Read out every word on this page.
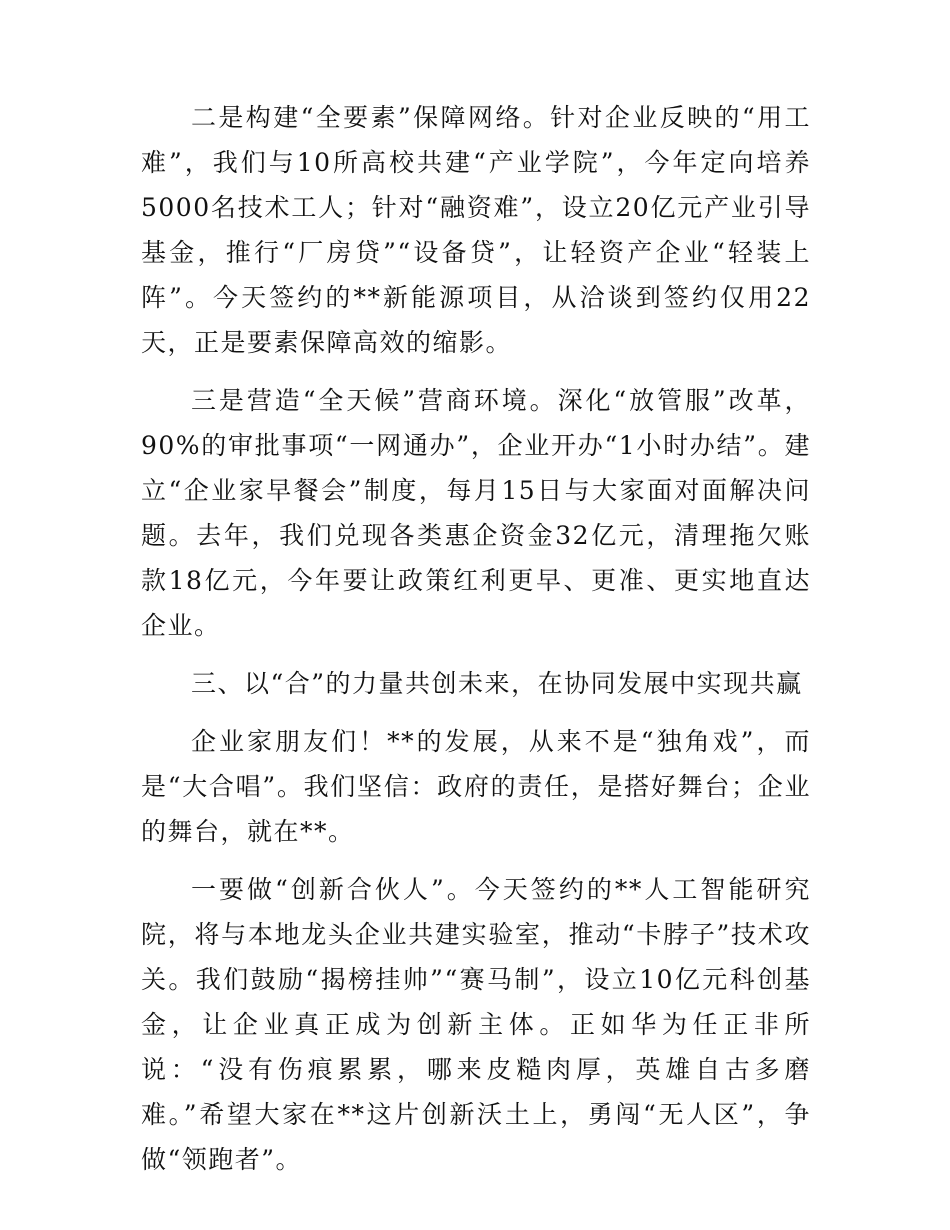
二是构建“全要素”保障网络。针对企业反映的“用工难”，我们与10所高校共建“产业学院”，今年定向培养5000名技术工人；针对“融资难”，设立20亿元产业引导基金，推行“厂房贷”“设备贷”，让轻资产企业“轻装上阵”。今天签约的**新能源项目，从洽谈到签约仅用22天，正是要素保障高效的缩影。

三是营造“全天候”营商环境。深化“放管服”改革，90%的审批事项“一网通办”，企业开办“1小时办结”。建立“企业家早餐会”制度，每月15日与大家面对面解决问题。去年，我们兑现各类惠企资金32亿元，清理拖欠账款18亿元，今年要让政策红利更早、更准、更实地直达企业。

三、以“合”的力量共创未来，在协同发展中实现共赢

企业家朋友们！**的发展，从来不是“独角戏”，而是“大合唱”。我们坚信：政府的责任，是搭好舞台；企业的舞台，就在**。

一要做“创新合伙人”。今天签约的**人工智能研究院，将与本地龙头企业共建实验室，推动“卡脖子”技术攻关。我们鼓励“揭榜挂帅”“赛马制”，设立10亿元科创基金，让企业真正成为创新主体。正如华为任正非所说：“没有伤痕累累，哪来皮糙肉厚，英雄自古多磨难。”希望大家在**这片创新沃土上，勇闯“无人区”，争做“领跑者”。
